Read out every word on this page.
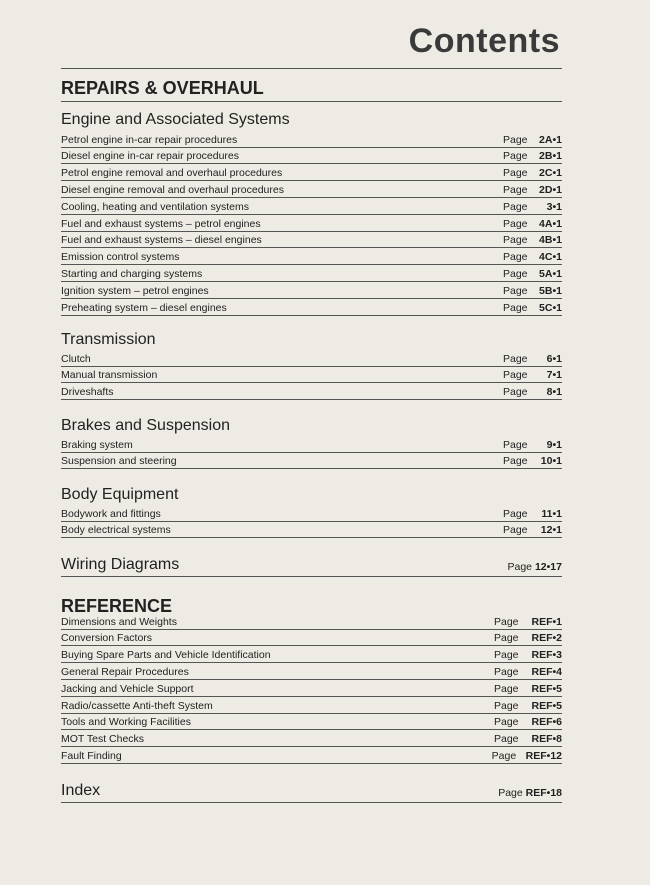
Contents
REPAIRS & OVERHAUL
Engine and Associated Systems
Petrol engine in-car repair procedures	Page 2A•1
Diesel engine in-car repair procedures	Page 2B•1
Petrol engine removal and overhaul procedures	Page 2C•1
Diesel engine removal and overhaul procedures	Page 2D•1
Cooling, heating and ventilation systems	Page 3•1
Fuel and exhaust systems – petrol engines	Page 4A•1
Fuel and exhaust systems – diesel engines	Page 4B•1
Emission control systems	Page 4C•1
Starting and charging systems	Page 5A•1
Ignition system – petrol engines	Page 5B•1
Preheating system – diesel engines	Page 5C•1
Transmission
Clutch	Page 6•1
Manual transmission	Page 7•1
Driveshafts	Page 8•1
Brakes and Suspension
Braking system	Page 9•1
Suspension and steering	Page 10•1
Body Equipment
Bodywork and fittings	Page 11•1
Body electrical systems	Page 12•1
Wiring Diagrams	Page 12•17
REFERENCE
Dimensions and Weights	Page REF•1
Conversion Factors	Page REF•2
Buying Spare Parts and Vehicle Identification	Page REF•3
General Repair Procedures	Page REF•4
Jacking and Vehicle Support	Page REF•5
Radio/cassette Anti-theft System	Page REF•5
Tools and Working Facilities	Page REF•6
MOT Test Checks	Page REF•8
Fault Finding	Page REF•12
Index	Page REF•18
